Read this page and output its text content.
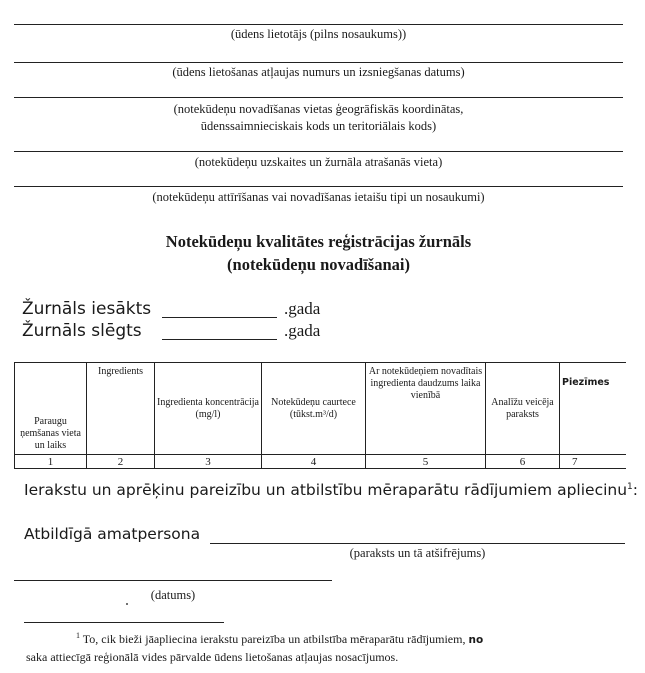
(ūdens lietotājs (pilns nosaukums))
(ūdens lietošanas atļaujas numurs un izsniegšanas datums)
(notekūdeņu novadīšanas vietas ģeogrāfiskās koordinātas,
ūdenssaimnieciskais kods un teritoriālais kods)
(notekūdeņu uzskaites un žurnāla atrašanās vieta)
(notekūdeņu attīrīšanas vai novadīšanas ietaišu tipi un nosaukumi)
Notekūdeņu kvalitātes reģistrācijas žurnāls
(notekūdeņu novadīšanai)
Žurnāls iesākts	.gada
Žurnāls slēgts	.gada
Paraugu ņemšanas vieta un laiks	Ingredients	Ingredienta koncentrācija (mg/l)	Notekūdeņu caurtece (tūkst.m³/d)	Ar notekūdeņiem novadītais ingredienta daudzums laika vienībā	Analīžu veicēja paraksts	Piezīmes
1	2	3	4	5	6	7
Ierakstu un aprēķinu pareizību un atbilstību mēraparātu rādījumiem apliecinu$^1$:
Atbildīgā amatpersona
(paraksts un tā atšifrējums)
(datums)
$^1$ To, cik bieži jāapliecina ierakstu pareizība un atbilstība mēraparātu rādījumiem, no
saka attiecīgā reģionālā vides pārvalde ūdens lietošanas atļaujas nosacījumos.
